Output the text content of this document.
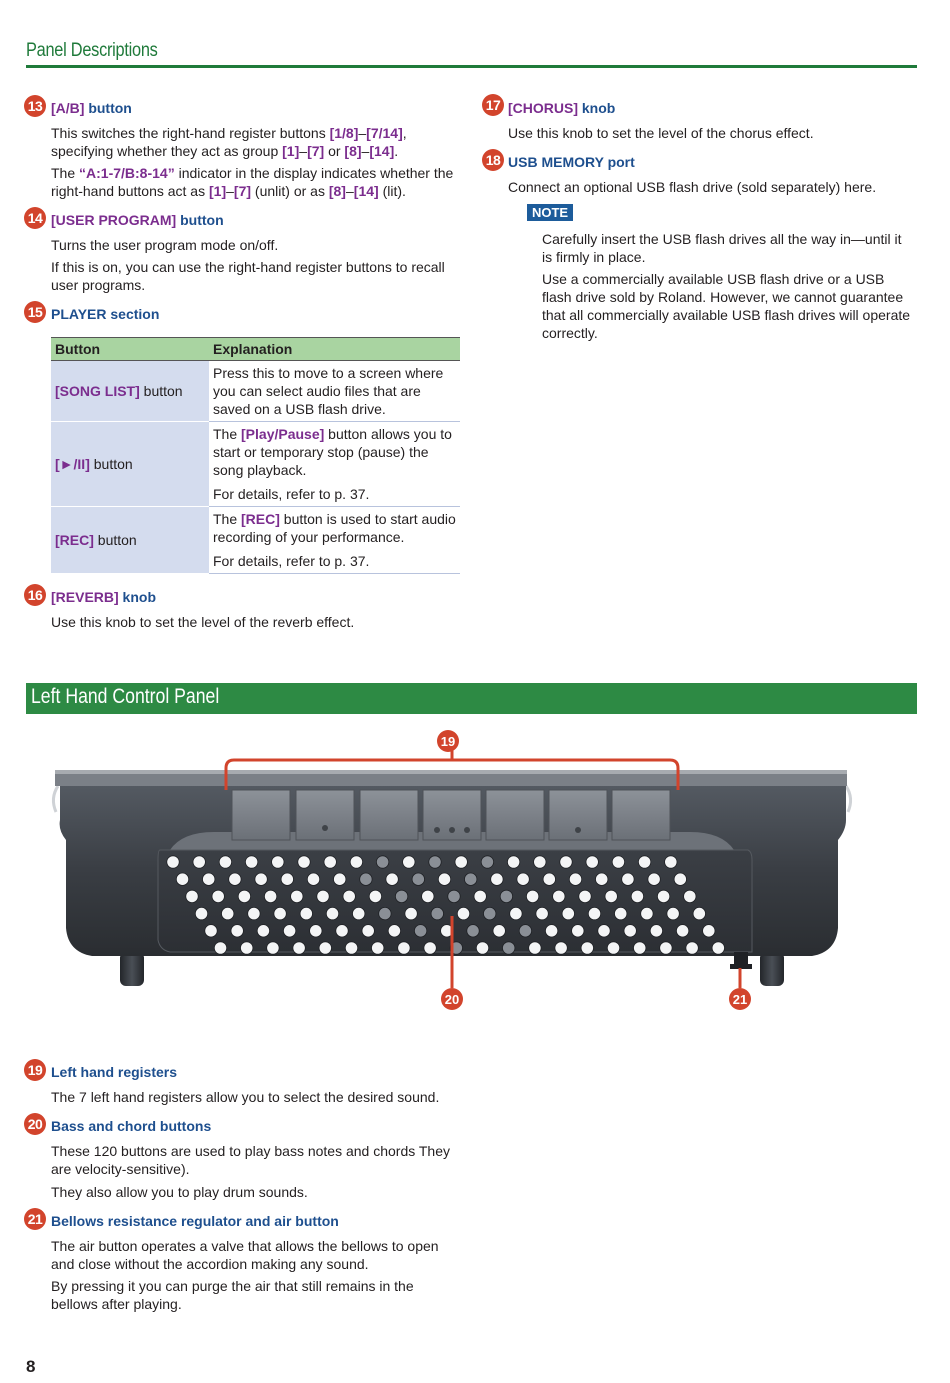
Panel Descriptions
13 [A/B] button
This switches the right-hand register buttons [1/8]–[7/14], specifying whether they act as group [1]–[7] or [8]–[14].
The “A:1-7/B:8-14” indicator in the display indicates whether the right-hand buttons act as [1]–[7] (unlit) or as [8]–[14] (lit).
14 [USER PROGRAM] button
Turns the user program mode on/off.
If this is on, you can use the right-hand register buttons to recall user programs.
15 PLAYER section
Button	Explanation
[SONG LIST] button	Press this to move to a screen where you can select audio files that are saved on a USB flash drive.
[►/II] button	The [Play/Pause] button allows you to start or temporary stop (pause) the song playback.
	For details, refer to p. 37.
[REC] button	The [REC] button is used to start audio recording of your performance.
	For details, refer to p. 37.
16 [REVERB] knob
Use this knob to set the level of the reverb effect.
17 [CHORUS] knob
Use this knob to set the level of the chorus effect.
18 USB MEMORY port
Connect an optional USB flash drive (sold separately) here.
NOTE
Carefully insert the USB flash drives all the way in—until it is firmly in place.
Use a commercially available USB flash drive or a USB flash drive sold by Roland. However, we cannot guarantee that all commercially available USB flash drives will operate correctly.
Left Hand Control Panel
19
20	21
19 Left hand registers
The 7 left hand registers allow you to select the desired sound.
20 Bass and chord buttons
These 120 buttons are used to play bass notes and chords They are velocity-sensitive).
They also allow you to play drum sounds.
21 Bellows resistance regulator and air button
The air button operates a valve that allows the bellows to open and close without the accordion making any sound.
By pressing it you can purge the air that still remains in the bellows after playing.
8
